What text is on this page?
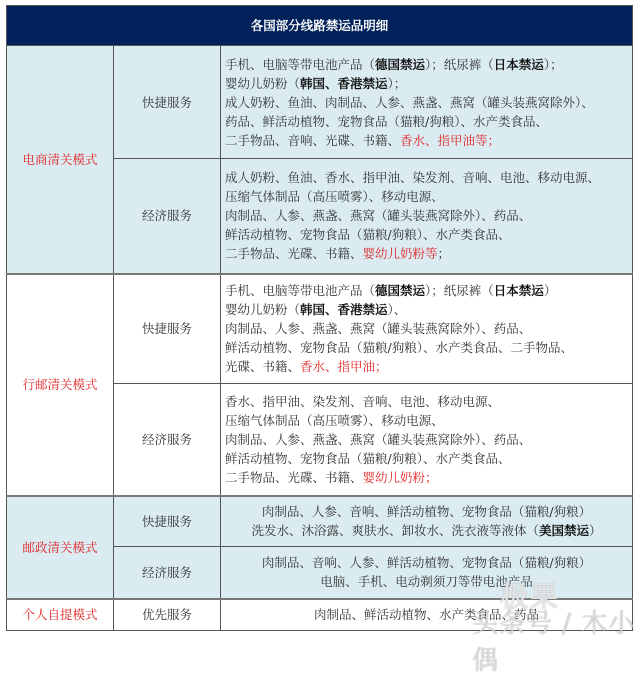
各国部分线路禁运品明细		
电商清关模式	快捷服务	手机、电脑等带电池产品（德国禁运）；纸尿裤（日本禁运）；
婴幼儿奶粉（韩国、香港禁运）；
成人奶粉、鱼油、肉制品、人参、燕盏、燕窝（罐头装燕窝除外）、
药品、鲜活动植物、宠物食品（猫粮/狗粮）、水产类食品、
二手物品、音响、光碟、书籍、香水、指甲油等；

	经济服务	成人奶粉、鱼油、香水、指甲油、染发剂、音响、电池、移动电源、
压缩气体制品（高压喷雾）、移动电源、
肉制品、人参、燕盏、燕窝（罐头装燕窝除外）、药品、
鲜活动植物、宠物食品（猫粮/狗粮）、水产类食品、
二手物品、光碟、书籍、婴幼儿奶粉等；

行邮清关模式	快捷服务	手机、电脑等带电池产品（德国禁运）；纸尿裤（日本禁运）
婴幼儿奶粉（韩国、香港禁运）、
肉制品、人参、燕盏、燕窝（罐头装燕窝除外）、药品、
鲜活动植物、宠物食品（猫粮/狗粮）、水产类食品、二手物品、
光碟、书籍、香水、指甲油；

	经济服务	香水、指甲油、染发剂、音响、电池、移动电源、
压缩气体制品（高压喷雾）、移动电源、
肉制品、人参、燕盏、燕窝（罐头装燕窝除外）、药品、
鲜活动植物、宠物食品（猫粮/狗粮）、水产类食品、
二手物品、光碟、书籍、婴幼儿奶粉；

邮政清关模式	快捷服务	肉制品、人参、音响、鲜活动植物、宠物食品（猫粮/狗粮）
洗发水、沐浴露、爽肤水、卸妆水、洗衣液等液体（美国禁运）

	经济服务	肉制品、音响、人参、鲜活动植物、宠物食品（猫粮/狗粮）
电脑、手机、电动剃须刀等带电池产品

个人自提模式	优先服务	肉制品、鲜活动植物、水产类食品、药品
极果
头条号 / 木小偶
